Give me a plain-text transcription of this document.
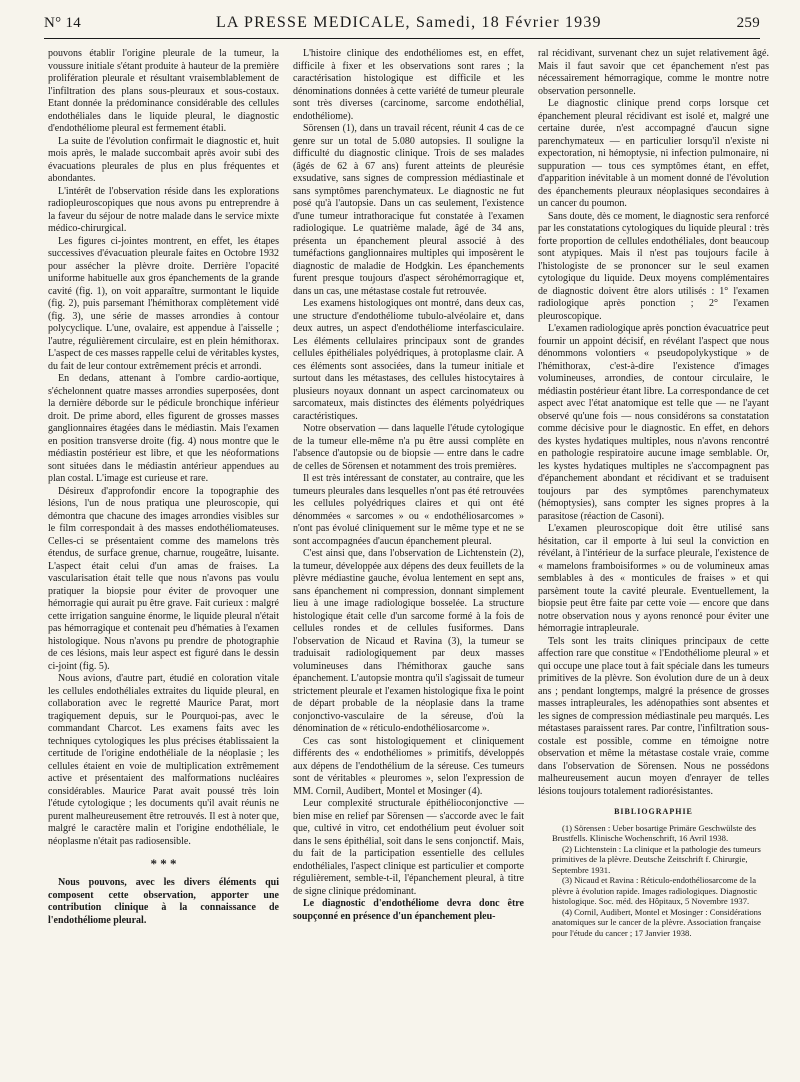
N° 14	LA PRESSE MEDICALE, Samedi, 18 Février 1939	259

pouvons établir l'origine pleurale de la tumeur, la voussure initiale s'étant produite à hauteur de la première prolifération pleurale et résultant vraisemblablement de l'infiltration des plans sous-pleuraux et sous-costaux. Etant donnée la prédominance considérable des cellules endothéliales dans le liquide pleural, le diagnostic d'endothéliome pleural est fermement établi.

La suite de l'évolution confirmait le diagnostic et, huit mois après, le malade succombait après avoir subi des évacuations pleurales de plus en plus fréquentes et abondantes.

L'intérêt de l'observation réside dans les explorations radiopleuroscopiques que nous avons pu entreprendre à la faveur du séjour de notre malade dans le service mixte médico-chirurgical.

Les figures ci-jointes montrent, en effet, les étapes successives d'évacuation pleurale faites en Octobre 1932 pour assécher la plèvre droite. Derrière l'opacité uniforme habituelle aux gros épanchements de la grande cavité (fig. 1), on voit apparaître, surmontant le liquide (fig. 2), puis parsemant l'hémithorax complètement vidé (fig. 3), une série de masses arrondies à contour polycyclique. L'une, ovalaire, est appendue à l'aisselle ; l'autre, régulièrement circulaire, est en plein hémithorax. L'aspect de ces masses rappelle celui de véritables kystes, du fait de leur contour extrêmement précis et arrondi.

En dedans, attenant à l'ombre cardio-aortique, s'échelonnent quatre masses arrondies superposées, dont la dernière déborde sur le pédicule bronchique inférieur droit. De prime abord, elles figurent de grosses masses ganglionnaires étagées dans le médiastin. Mais l'examen en position transverse droite (fig. 4) nous montre que le médiastin postérieur est libre, et que les néoformations sont situées dans le médiastin antérieur appendues au plan costal. L'image est curieuse et rare.

Désireux d'approfondir encore la topographie des lésions, l'un de nous pratiqua une pleuroscopie, qui démontra que chacune des images arrondies visibles sur le film correspondait à des masses endothéliomateuses. Celles-ci se présentaient comme des mamelons très étendus, de surface grenue, charnue, rougeâtre, luisante. L'aspect était celui d'un amas de fraises. La vascularisation était telle que nous n'avons pas voulu pratiquer la biopsie pour éviter de provoquer une hémorragie qui aurait pu être grave. Fait curieux : malgré cette irrigation sanguine énorme, le liquide pleural n'était pas hémorragique et contenait peu d'hématies à l'examen histologique. Nous n'avons pu prendre de photographie de ces lésions, mais leur aspect est figuré dans le dessin ci-joint (fig. 5).

Nous avions, d'autre part, étudié en coloration vitale les cellules endothéliales extraites du liquide pleural, en collaboration avec le regretté Maurice Parat, mort tragiquement depuis, sur le Pourquoi-pas, avec le commandant Charcot. Les examens faits avec les techniques cytologiques les plus précises établissaient la certitude de l'origine endothéliale de la néoplasie ; les cellules étaient en voie de multiplication extrêmement active et présentaient des malformations nucléaires considérables. Maurice Parat avait poussé très loin l'étude cytologique ; les documents qu'il avait réunis ne purent malheureusement être retrouvés. Il est à noter que, malgré le caractère malin et l'origine endothéliale, le néoplasme n'était pas radiosensible.

* * *

Nous pouvons, avec les divers éléments qui composent cette observation, apporter une contribution clinique à la connaissance de l'endothéliome pleural.

L'histoire clinique des endothéliomes est, en effet, difficile à fixer et les observations sont rares ; la caractérisation histologique est difficile et les dénominations données à cette variété de tumeur pleurale sont très diverses (carcinome, sarcome endothélial, endothéliome).

Sörensen (1), dans un travail récent, réunit 4 cas de ce genre sur un total de 5.080 autopsies. Il souligne la difficulté du diagnostic clinique. Trois de ses malades (âgés de 62 à 67 ans) furent atteints de pleurésie exsudative, sans signes de compression médiastinale et sans symptômes parenchymateux. Le diagnostic ne fut posé qu'à l'autopsie. Dans un cas seulement, l'existence d'une tumeur intrathoracique fut constatée à l'examen radiologique. Le quatrième malade, âgé de 34 ans, présenta un épanchement pleural associé à des tuméfactions ganglionnaires multiples qui imposèrent le diagnostic de maladie de Hodgkin. Les épanchements furent presque toujours d'aspect sérohémorragique et, dans un cas, une métastase costale fut retrouvée.

Les examens histologiques ont montré, dans deux cas, une structure d'endothéliome tubulo-alvéolaire et, dans deux autres, un aspect d'endothéliome interfasciculaire. Les éléments cellulaires principaux sont de grandes cellules épithéliales polyédriques, à protoplasme clair. A ces éléments sont associées, dans la tumeur initiale et surtout dans les métastases, des cellules histocytaires à plusieurs noyaux donnant un aspect carcinomateux ou sarcomateux, mais distinctes des éléments polyédriques caractéristiques.

Notre observation — dans laquelle l'étude cytologique de la tumeur elle-même n'a pu être aussi complète en l'absence d'autopsie ou de biopsie — entre dans le cadre de celles de Sörensen et notamment des trois premières.

Il est très intéressant de constater, au contraire, que les tumeurs pleurales dans lesquelles n'ont pas été retrouvées les cellules polyédriques claires et qui ont été dénommées « sarcomes » ou « endothéliosarcomes » n'ont pas évolué cliniquement sur le même type et ne se sont accompagnées d'aucun épanchement pleural.

C'est ainsi que, dans l'observation de Lichtenstein (2), la tumeur, développée aux dépens des deux feuillets de la plèvre médiastine gauche, évolua lentement en sept ans, sans épanchement ni compression, donnant simplement lieu à une image radiologique bosselée. La structure histologique était celle d'un sarcome formé à la fois de cellules rondes et de cellules fusiformes. Dans l'observation de Nicaud et Ravina (3), la tumeur se traduisait radiologiquement par deux masses volumineuses dans l'hémithorax gauche sans épanchement. L'autopsie montra qu'il s'agissait de tumeur strictement pleurale et l'examen histologique fixa le point de départ probable de la néoplasie dans la trame conjonctivo-vasculaire de la séreuse, d'où la dénomination de « réticulo-endothéliosarcome ».

Ces cas sont histologiquement et cliniquement différents des « endothéliomes » primitifs, développés aux dépens de l'endothélium de la séreuse. Ces tumeurs sont de véritables « pleuromes », selon l'expression de MM. Cornil, Audibert, Montel et Mosinger (4).

Leur complexité structurale épithélioconjonctive — bien mise en relief par Sörensen — s'accorde avec le fait que, cultivé in vitro, cet endothélium peut évoluer soit dans le sens épithélial, soit dans le sens conjonctif. Mais, du fait de la participation essentielle des cellules endothéliales, l'aspect clinique est particulier et comporte régulièrement, semble-t-il, l'épanchement pleural, à titre de signe clinique prédominant.

Le diagnostic d'endothéliome devra donc être soupçonné en présence d'un épanchement pleu-

ral récidivant, survenant chez un sujet relativement âgé. Mais il faut savoir que cet épanchement n'est pas nécessairement hémorragique, comme le montre notre observation personnelle.

Le diagnostic clinique prend corps lorsque cet épanchement pleural récidivant est isolé et, malgré une certaine durée, n'est accompagné d'aucun signe parenchymateux — en particulier lorsqu'il n'existe ni expectoration, ni hémoptysie, ni infection pulmonaire, ni suppuration — tous ces symptômes étant, en effet, d'apparition inévitable à un moment donné de l'évolution des épanchements pleuraux néoplasiques secondaires à un cancer du poumon.

Sans doute, dès ce moment, le diagnostic sera renforcé par les constatations cytologiques du liquide pleural : très forte proportion de cellules endothéliales, dont beaucoup sont atypiques. Mais il n'est pas toujours facile à l'histologiste de se prononcer sur le seul examen cytologique du liquide. Deux moyens complémentaires de diagnostic doivent être alors utilisés : 1° l'examen radiologique après ponction ; 2° l'examen pleuroscopique.

L'examen radiologique après ponction évacuatrice peut fournir un appoint décisif, en révélant l'aspect que nous dénommons volontiers « pseudopolykystique » de l'hémithorax, c'est-à-dire l'existence d'images volumineuses, arrondies, de contour circulaire, le médiastin postérieur étant libre. La correspondance de cet aspect avec l'état anatomique est telle que — ne l'ayant observé qu'une fois — nous considérons sa constatation comme décisive pour le diagnostic. En effet, en dehors des kystes hydatiques multiples, nous n'avons rencontré en pathologie respiratoire aucune image semblable. Or, les kystes hydatiques multiples ne s'accompagnent pas d'épanchement abondant et récidivant et se traduisent toujours par des symptômes parenchymateux (hémoptysies), sans compter les signes propres à la parasitose (réaction de Casoni).

L'examen pleuroscopique doit être utilisé sans hésitation, car il emporte à lui seul la conviction en révélant, à l'intérieur de la surface pleurale, l'existence de « mamelons framboisiformes » ou de volumineux amas semblables à des « monticules de fraises » et qui parsèment toute la cavité pleurale. Eventuellement, la biopsie peut être faite par cette voie — encore que dans notre observation nous y ayons renoncé pour éviter une hémorragie intrapleurale.

Tels sont les traits cliniques principaux de cette affection rare que constitue « l'Endothéliome pleural » et qui occupe une place tout à fait spéciale dans les tumeurs primitives de la plèvre. Son évolution dure de un à deux ans ; pendant longtemps, malgré la présence de grosses masses intrapleurales, les adénopathies sont absentes et les signes de compression médiastinale peu marqués. Les métastases paraissent rares. Par contre, l'infiltration sous-costale est possible, comme en témoigne notre observation et même la métastase costale vraie, comme dans l'observation de Sörensen. Nous ne possédons malheureusement aucun moyen d'enrayer de telles lésions toujours totalement radiorésistantes.

BIBLIOGRAPHIE

(1) Sörensen : Ueber bosartige Primäre Geschwülste des Brustfells. Klinische Wochenschrift, 16 Avril 1938.

(2) Lichtenstein : La clinique et la pathologie des tumeurs primitives de la plèvre. Deutsche Zeitschrift f. Chirurgie, Septembre 1931.

(3) Nicaud et Ravina : Réticulo-endothéliosarcome de la plèvre à évolution rapide. Images radiologiques. Diagnostic histologique. Soc. méd. des Hôpitaux, 5 Novembre 1937.

(4) Cornil, Audibert, Montel et Mosinger : Considérations anatomiques sur le cancer de la plèvre. Association française pour l'étude du cancer ; 17 Janvier 1938.
